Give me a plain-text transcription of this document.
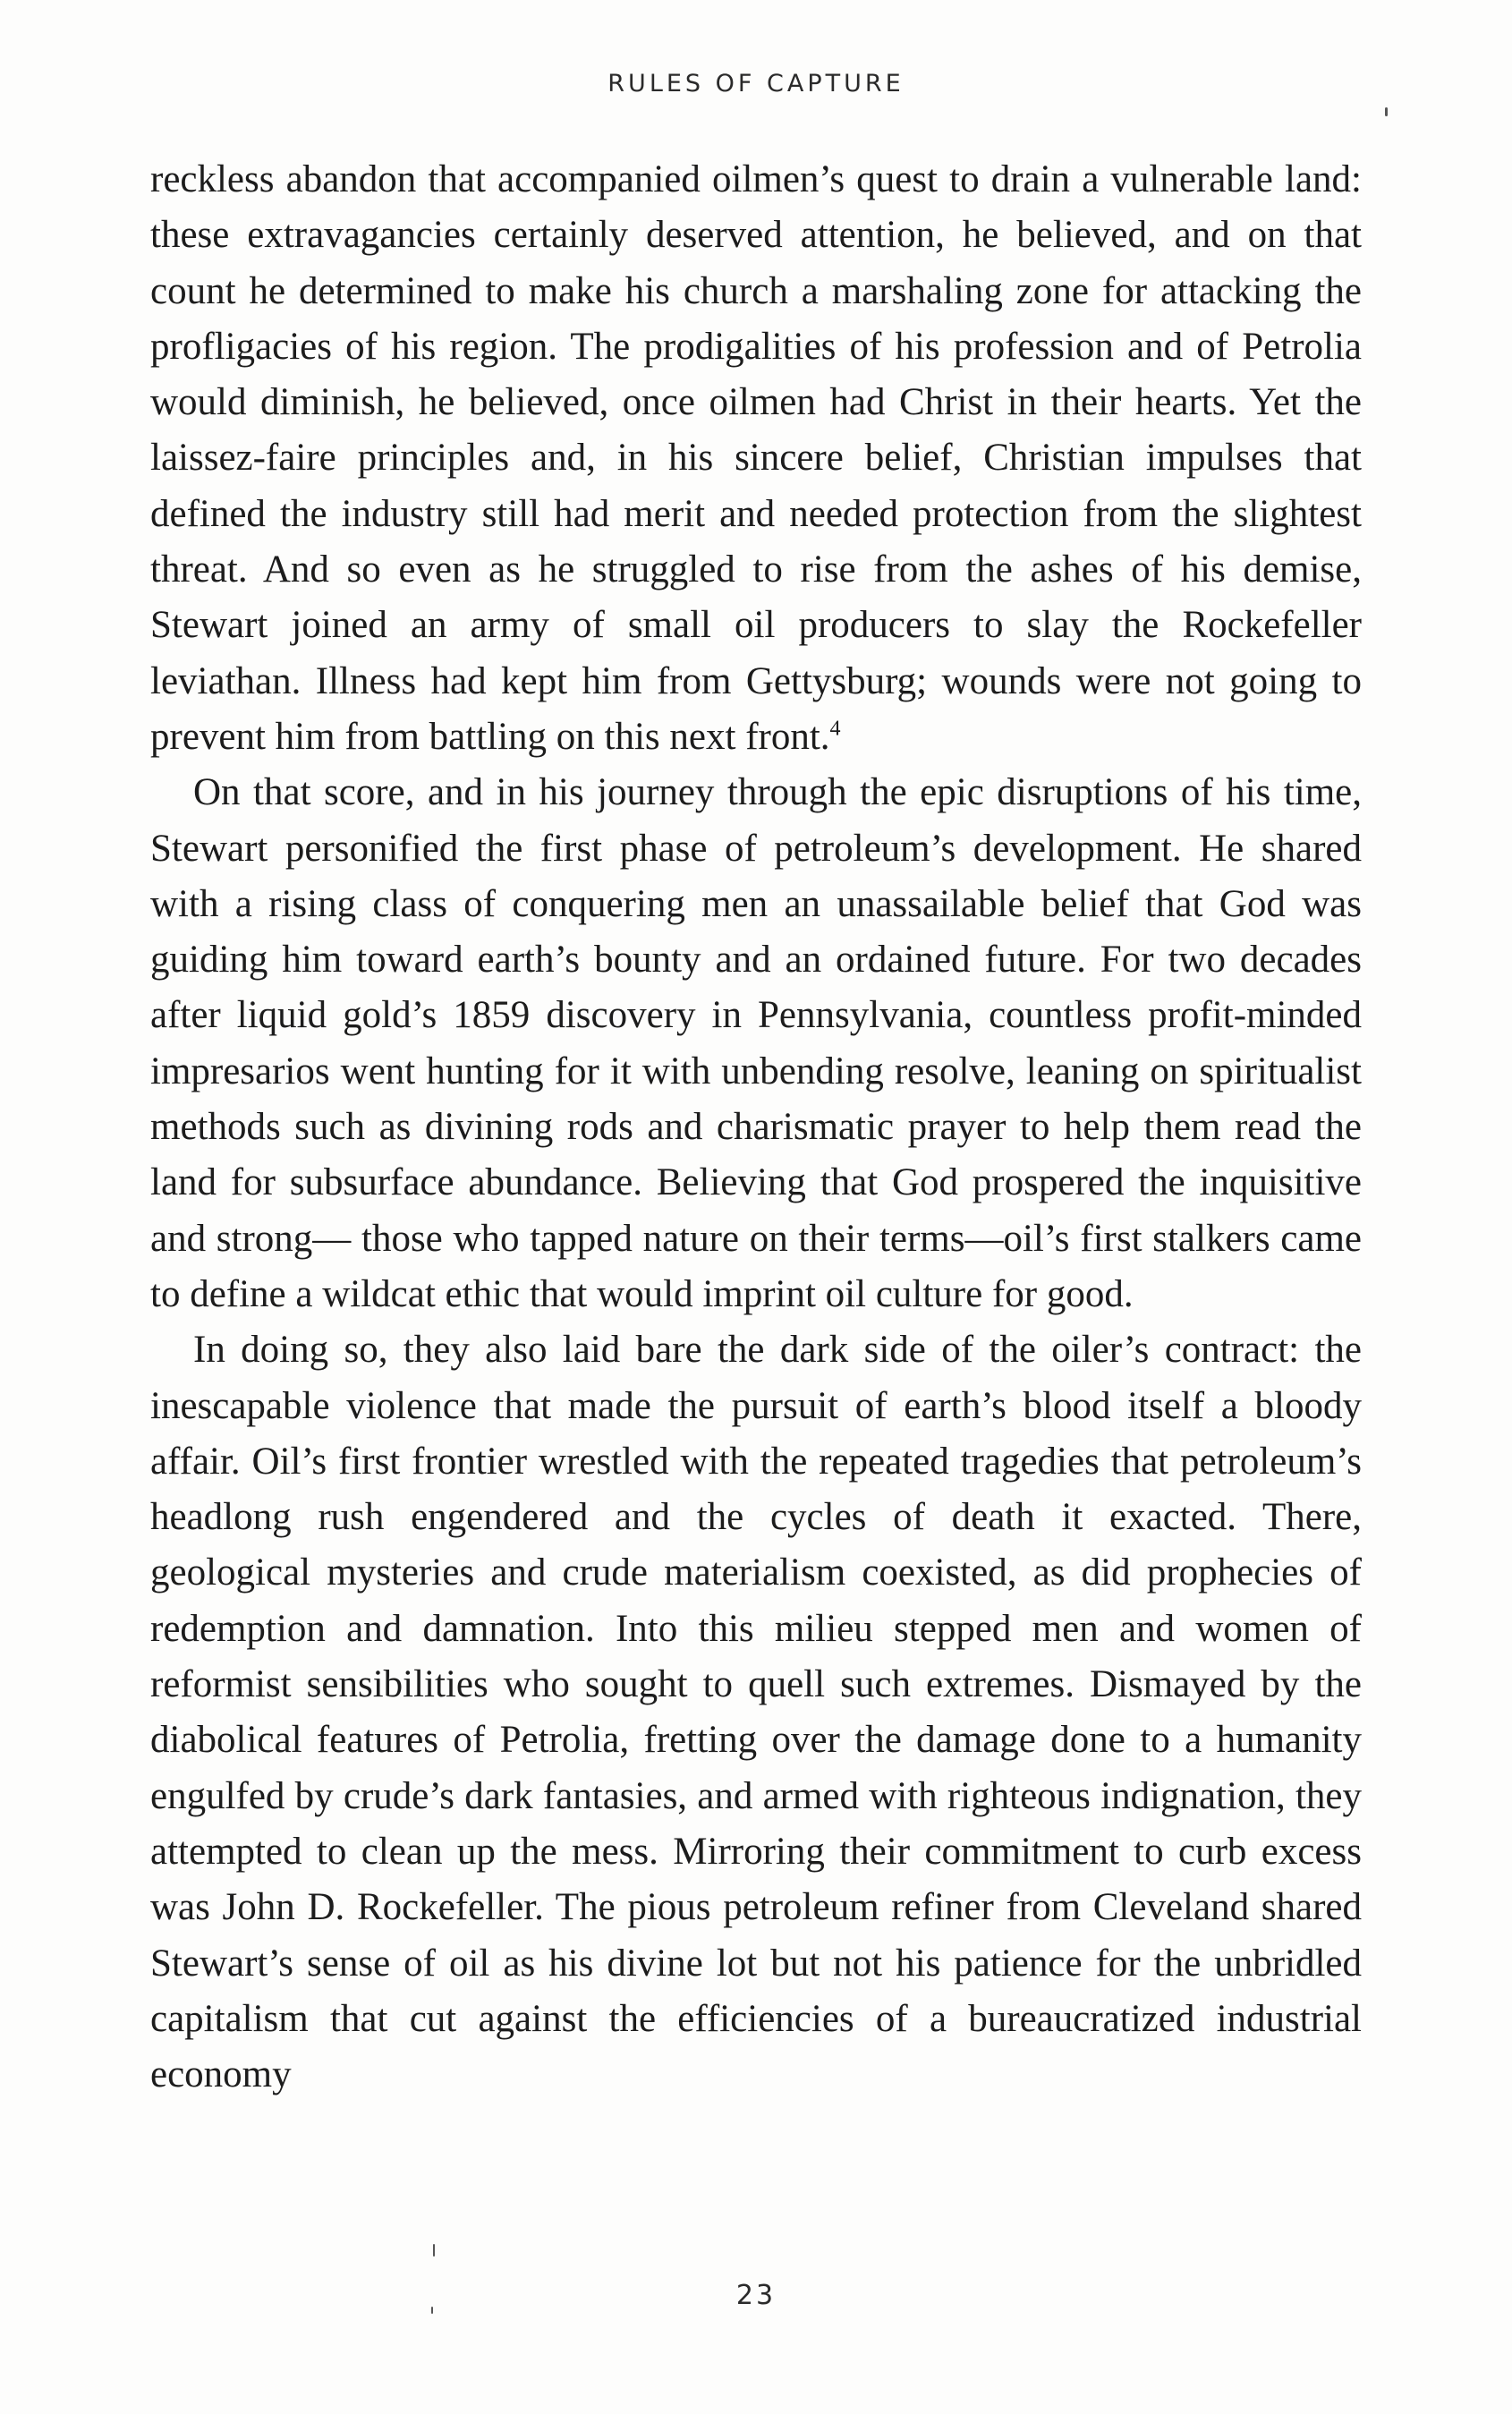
RULES OF CAPTURE

reckless abandon that accompanied oilmen’s quest to drain a vulnerable land: these extravagancies certainly deserved attention, he believed, and on that count he determined to make his church a marshaling zone for attacking the profligacies of his region. The prodigalities of his profession and of Petrolia would diminish, he believed, once oilmen had Christ in their hearts. Yet the laissez-faire principles and, in his sincere belief, Christian impulses that defined the industry still had merit and needed protection from the slightest threat. And so even as he struggled to rise from the ashes of his demise, Stewart joined an army of small oil producers to slay the Rockefeller leviathan. Illness had kept him from Gettysburg; wounds were not going to prevent him from battling on this next front.$^4$

On that score, and in his journey through the epic disruptions of his time, Stewart personified the first phase of petroleum’s development. He shared with a rising class of conquering men an unassailable belief that God was guiding him toward earth’s bounty and an ordained future. For two decades after liquid gold’s 1859 discovery in Pennsylvania, countless profit-minded impresarios went hunting for it with unbending resolve, leaning on spiritualist methods such as divining rods and charismatic prayer to help them read the land for subsurface abundance. Believing that God prospered the inquisitive and strong— those who tapped nature on their terms—oil’s first stalkers came to define a wildcat ethic that would imprint oil culture for good.

In doing so, they also laid bare the dark side of the oiler’s contract: the inescapable violence that made the pursuit of earth’s blood itself a bloody affair. Oil’s first frontier wrestled with the repeated tragedies that petroleum’s headlong rush engendered and the cycles of death it exacted. There, geological mysteries and crude materialism coexisted, as did prophecies of redemption and damnation. Into this milieu stepped men and women of reformist sensibilities who sought to quell such extremes. Dismayed by the diabolical features of Petrolia, fretting over the damage done to a humanity engulfed by crude’s dark fantasies, and armed with righteous indignation, they attempted to clean up the mess. Mirroring their commitment to curb excess was John D. Rockefeller. The pious petroleum refiner from Cleveland shared Stewart’s sense of oil as his divine lot but not his patience for the unbridled capitalism that cut against the efficiencies of a bureaucratized industrial economy

23
